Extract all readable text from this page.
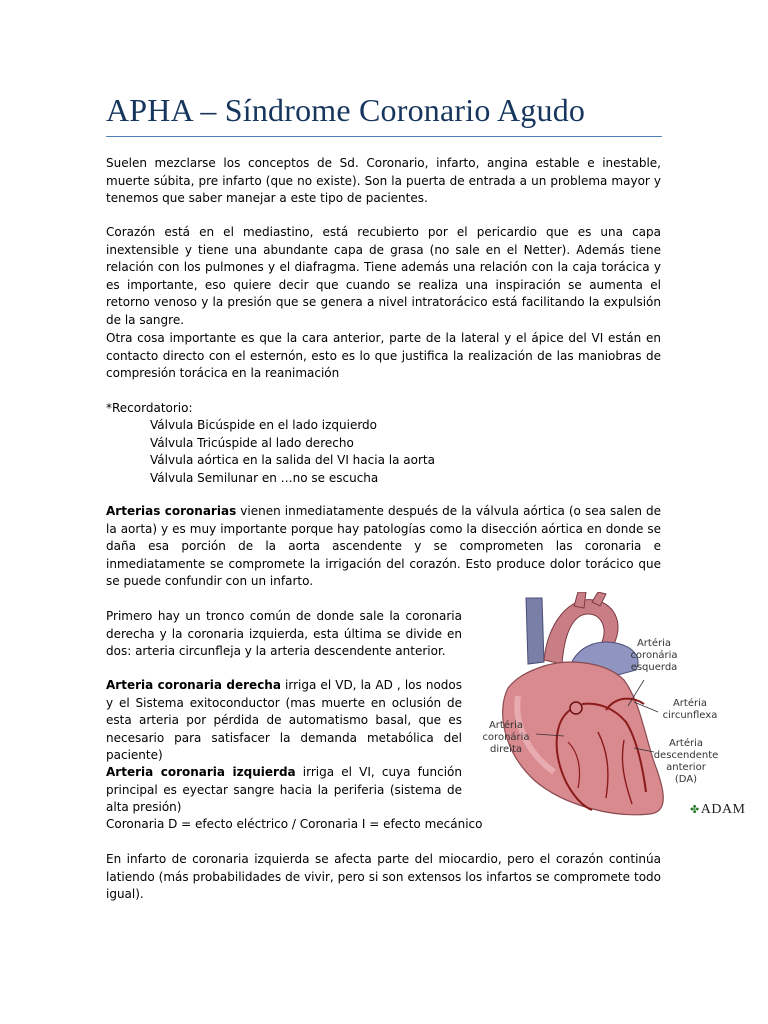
APHA – Síndrome Coronario Agudo

Suelen mezclarse los conceptos de Sd. Coronario, infarto, angina estable e inestable, muerte súbita, pre infarto (que no existe). Son la puerta de entrada a un problema mayor y tenemos que saber manejar a este tipo de pacientes.

Corazón está en el mediastino, está recubierto por el pericardio que es una capa inextensible y tiene una abundante capa de grasa (no sale en el Netter). Además tiene relación con los pulmones y el diafragma. Tiene además una relación con la caja torácica y es importante, eso quiere decir que cuando se realiza una inspiración se aumenta el retorno venoso y la presión que se genera a nivel intratorácico está facilitando la expulsión de la sangre.

Otra cosa importante es que la cara anterior, parte de la lateral y el ápice del VI están en contacto directo con el esternón, esto es lo que justifica la realización de las maniobras de compresión torácica en la reanimación

*Recordatorio:

Válvula Bicúspide en el lado izquierdo

Válvula Tricúspide al lado derecho

Válvula aórtica en la salida del VI hacia la aorta

Válvula Semilunar en …no se escucha

Arterias coronarias vienen inmediatamente después de la válvula aórtica (o sea salen de la aorta) y es muy importante porque hay patologías como la disección aórtica en donde se daña esa porción de la aorta ascendente y se comprometen las coronaria e inmediatamente se compromete la irrigación del corazón. Esto produce dolor torácico que se puede confundir con un infarto.

Primero hay un tronco común de donde sale la coronaria derecha y la coronaria izquierda, esta última se divide en dos: arteria circunfleja y la arteria descendente anterior.

Arteria coronaria derecha irriga el VD, la AD , los nodos y el Sistema exitoconductor (mas muerte en oclusión de esta arteria por pérdida de automatismo basal, que es necesario para satisfacer la demanda metabólica del paciente)

Arteria coronaria izquierda irriga el VI, cuya función principal es eyectar sangre hacia la periferia (sistema de alta presión)

Coronaria D = efecto eléctrico / Coronaria I = efecto mecánico

En infarto de coronaria izquierda se afecta parte del miocardio, pero el corazón continúa latiendo (más probabilidades de vivir, pero si son extensos los infartos se compromete todo igual).

Artéria
coronária
esquerda
Artéria
circunflexa
Artéria
coronária
direita
Artéria
descendente
anterior
(DA)
✤ADAM
